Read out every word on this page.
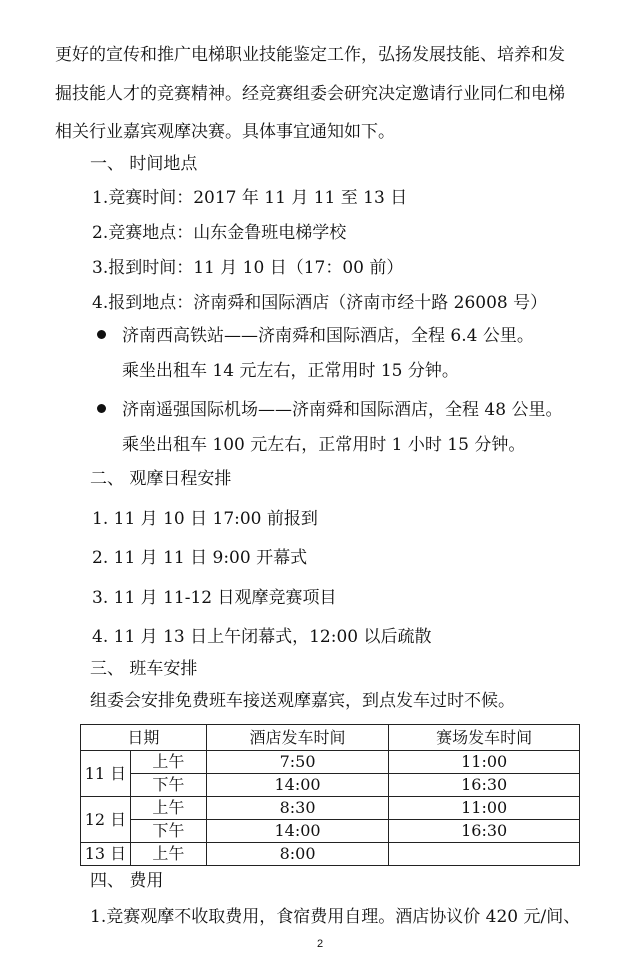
更好的宣传和推广电梯职业技能鉴定工作，弘扬发展技能、培养和发
掘技能人才的竞赛精神。经竞赛组委会研究决定邀请行业同仁和电梯
相关行业嘉宾观摩决赛。具体事宜通知如下。
一、 时间地点
1.竞赛时间：2017 年 11 月 11 至 13 日
2.竞赛地点：山东金鲁班电梯学校
3.报到时间：11 月 10 日（17：00 前）
4.报到地点：济南舜和国际酒店（济南市经十路 26008 号）
济南西高铁站——济南舜和国际酒店，全程 6.4 公里。
乘坐出租车 14 元左右，正常用时 15 分钟。
济南遥强国际机场——济南舜和国际酒店，全程 48 公里。
乘坐出租车 100 元左右，正常用时 1 小时 15 分钟。
二、 观摩日程安排
1. 11 月 10 日 17:00 前报到
2. 11 月 11 日 9:00 开幕式
3. 11 月 11-12 日观摩竞赛项目
4. 11 月 13 日上午闭幕式，12:00 以后疏散
三、 班车安排
组委会安排免费班车接送观摩嘉宾，到点发车过时不候。
日期		酒店发车时间	赛场发车时间
11 日	上午	7:50	11:00
	下午	14:00	16:30
12 日	上午	8:30	11:00
	下午	14:00	16:30
13 日	上午	8:00	
四、 费用
1.竞赛观摩不收取费用，食宿费用自理。酒店协议价 420 元/间、
2
